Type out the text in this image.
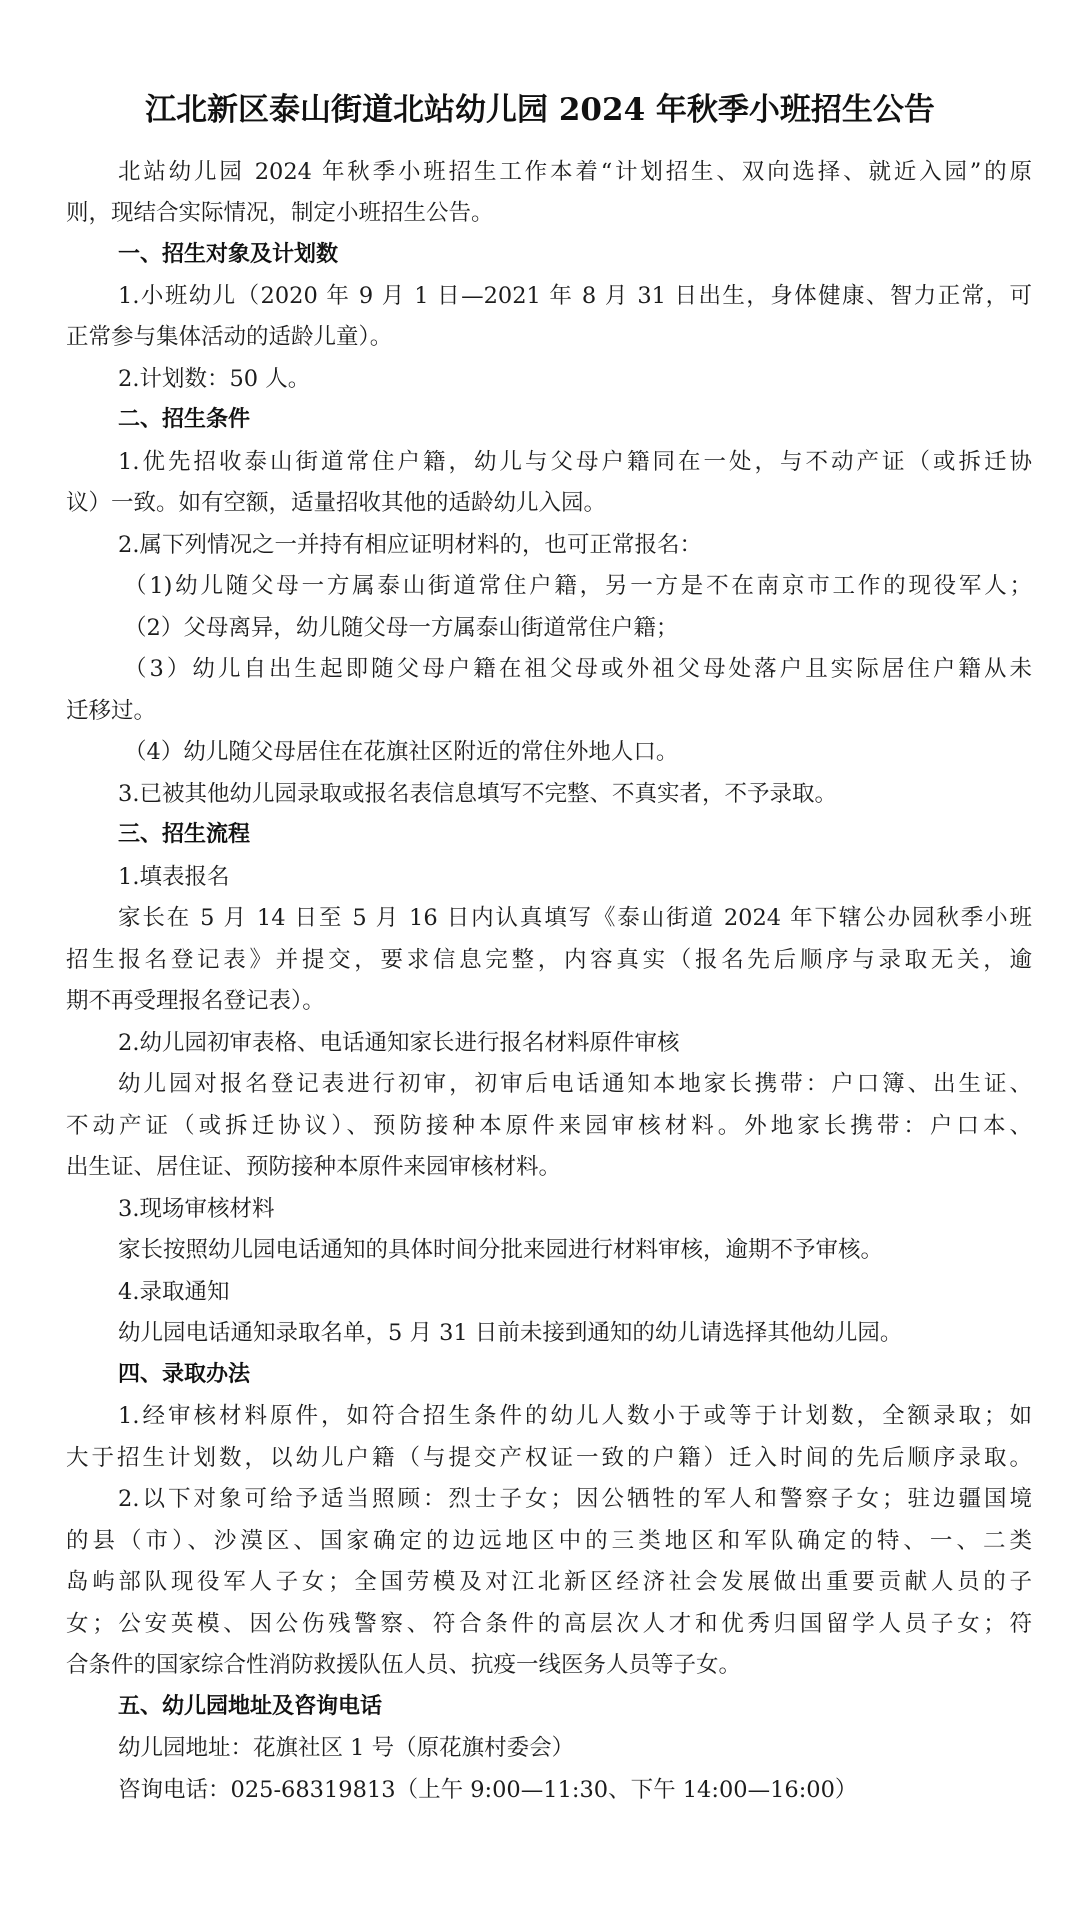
江北新区泰山街道北站幼儿园 2024 年秋季小班招生公告
北站幼儿园 2024 年秋季小班招生工作本着“计划招生、双向选择、就近入园”的原
则，现结合实际情况，制定小班招生公告。
一、招生对象及计划数
1.小班幼儿（2020 年 9 月 1 日—2021 年 8 月 31 日出生，身体健康、智力正常，可
正常参与集体活动的适龄儿童）。
2.计划数：50 人。
二、招生条件
1.优先招收泰山街道常住户籍，幼儿与父母户籍同在一处，与不动产证（或拆迁协
议）一致。如有空额，适量招收其他的适龄幼儿入园。
2.属下列情况之一并持有相应证明材料的，也可正常报名：
（1)幼儿随父母一方属泰山街道常住户籍，另一方是不在南京市工作的现役军人；
（2）父母离异，幼儿随父母一方属泰山街道常住户籍；
（3）幼儿自出生起即随父母户籍在祖父母或外祖父母处落户且实际居住户籍从未
迁移过。
（4）幼儿随父母居住在花旗社区附近的常住外地人口。
3.已被其他幼儿园录取或报名表信息填写不完整、不真实者，不予录取。
三、招生流程
1.填表报名
家长在 5 月 14 日至 5 月 16 日内认真填写《泰山街道 2024 年下辖公办园秋季小班
招生报名登记表》并提交，要求信息完整，内容真实（报名先后顺序与录取无关，逾
期不再受理报名登记表）。
2.幼儿园初审表格、电话通知家长进行报名材料原件审核
幼儿园对报名登记表进行初审，初审后电话通知本地家长携带：户口簿、出生证、
不动产证（或拆迁协议）、预防接种本原件来园审核材料。外地家长携带：户口本、
出生证、居住证、预防接种本原件来园审核材料。
3.现场审核材料
家长按照幼儿园电话通知的具体时间分批来园进行材料审核，逾期不予审核。
4.录取通知
幼儿园电话通知录取名单，5 月 31 日前未接到通知的幼儿请选择其他幼儿园。
四、录取办法
1.经审核材料原件，如符合招生条件的幼儿人数小于或等于计划数，全额录取；如
大于招生计划数，以幼儿户籍（与提交产权证一致的户籍）迁入时间的先后顺序录取。
2.以下对象可给予适当照顾：烈士子女；因公牺牲的军人和警察子女；驻边疆国境
的县（市）、沙漠区、国家确定的边远地区中的三类地区和军队确定的特、一、二类
岛屿部队现役军人子女；全国劳模及对江北新区经济社会发展做出重要贡献人员的子
女；公安英模、因公伤残警察、符合条件的高层次人才和优秀归国留学人员子女；符
合条件的国家综合性消防救援队伍人员、抗疫一线医务人员等子女。
五、幼儿园地址及咨询电话
幼儿园地址：花旗社区 1 号（原花旗村委会）
咨询电话：025-68319813（上午 9:00—11:30、下午 14:00—16:00）
